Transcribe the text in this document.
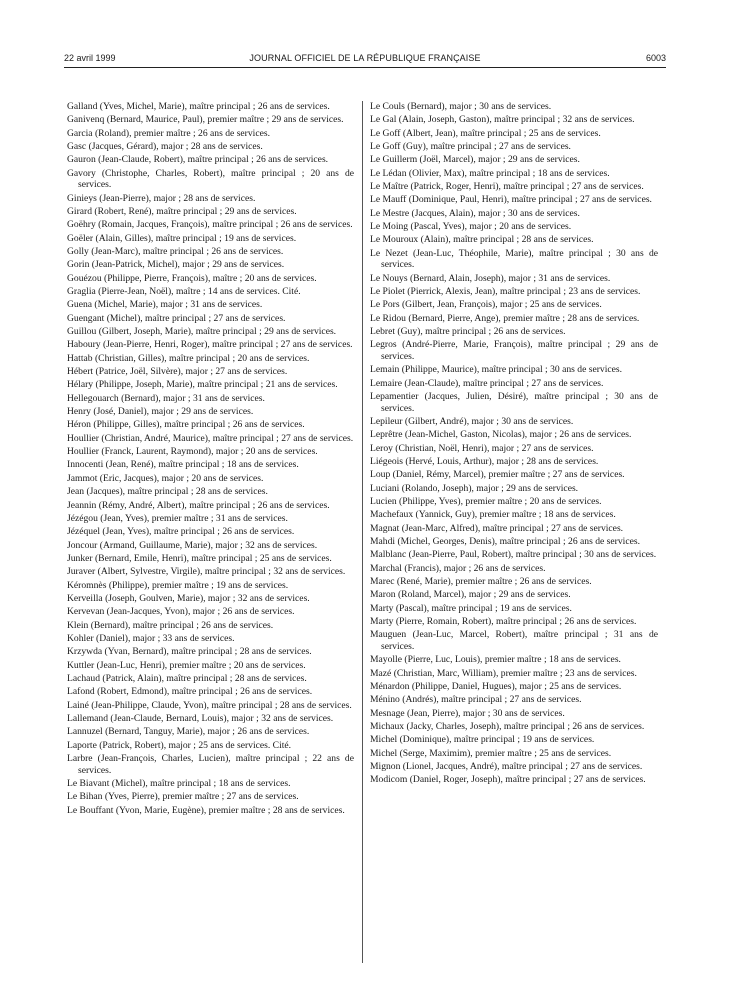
22 avril 1999	JOURNAL OFFICIEL DE LA RÉPUBLIQUE FRANÇAISE	6003

Galland (Yves, Michel, Marie), maître principal ; 26 ans de services.

Ganivenq (Bernard, Maurice, Paul), premier maître ; 29 ans de services.

Garcia (Roland), premier maître ; 26 ans de services.

Gasc (Jacques, Gérard), major ; 28 ans de services.

Gauron (Jean-Claude, Robert), maître principal ; 26 ans de services.

Gavory (Christophe, Charles, Robert), maître principal ; 20 ans de services.

Ginieys (Jean-Pierre), major ; 28 ans de services.

Girard (Robert, René), maître principal ; 29 ans de services.

Goëhry (Romain, Jacques, François), maître principal ; 26 ans de services.

Goëler (Alain, Gilles), maître principal ; 19 ans de services.

Golly (Jean-Marc), maître principal ; 26 ans de services.

Gorin (Jean-Patrick, Michel), major ; 29 ans de services.

Gouézou (Philippe, Pierre, François), maître ; 20 ans de services.

Graglia (Pierre-Jean, Noël), maître ; 14 ans de services. Cité.

Guena (Michel, Marie), major ; 31 ans de services.

Guengant (Michel), maître principal ; 27 ans de services.

Guillou (Gilbert, Joseph, Marie), maître principal ; 29 ans de services.

Haboury (Jean-Pierre, Henri, Roger), maître principal ; 27 ans de services.

Hattab (Christian, Gilles), maître principal ; 20 ans de services.

Hébert (Patrice, Joël, Silvère), major ; 27 ans de services.

Hélary (Philippe, Joseph, Marie), maître principal ; 21 ans de services.

Hellegouarch (Bernard), major ; 31 ans de services.

Henry (José, Daniel), major ; 29 ans de services.

Héron (Philippe, Gilles), maître principal ; 26 ans de services.

Houllier (Christian, André, Maurice), maître principal ; 27 ans de services.

Houllier (Franck, Laurent, Raymond), major ; 20 ans de services.

Innocenti (Jean, René), maître principal ; 18 ans de services.

Jammot (Eric, Jacques), major ; 20 ans de services.

Jean (Jacques), maître principal ; 28 ans de services.

Jeannin (Rémy, André, Albert), maître principal ; 26 ans de services.

Jézégou (Jean, Yves), premier maître ; 31 ans de services.

Jézéquel (Jean, Yves), maître principal ; 26 ans de services.

Joncour (Armand, Guillaume, Marie), major ; 32 ans de services.

Junker (Bernard, Emile, Henri), maître principal ; 25 ans de services.

Juraver (Albert, Sylvestre, Virgile), maître principal ; 32 ans de services.

Kéromnès (Philippe), premier maître ; 19 ans de services.

Kerveilla (Joseph, Goulven, Marie), major ; 32 ans de services.

Kervevan (Jean-Jacques, Yvon), major ; 26 ans de services.

Klein (Bernard), maître principal ; 26 ans de services.

Kohler (Daniel), major ; 33 ans de services.

Krzywda (Yvan, Bernard), maître principal ; 28 ans de services.

Kuttler (Jean-Luc, Henri), premier maître ; 20 ans de services.

Lachaud (Patrick, Alain), maître principal ; 28 ans de services.

Lafond (Robert, Edmond), maître principal ; 26 ans de services.

Lainé (Jean-Philippe, Claude, Yvon), maître principal ; 28 ans de services.

Lallemand (Jean-Claude, Bernard, Louis), major ; 32 ans de services.

Lannuzel (Bernard, Tanguy, Marie), major ; 26 ans de services.

Laporte (Patrick, Robert), major ; 25 ans de services. Cité.

Larbre (Jean-François, Charles, Lucien), maître principal ; 22 ans de services.

Le Biavant (Michel), maître principal ; 18 ans de services.

Le Bihan (Yves, Pierre), premier maître ; 27 ans de services.

Le Bouffant (Yvon, Marie, Eugène), premier maître ; 28 ans de services.

Le Couls (Bernard), major ; 30 ans de services.

Le Gal (Alain, Joseph, Gaston), maître principal ; 32 ans de services.

Le Goff (Albert, Jean), maître principal ; 25 ans de services.

Le Goff (Guy), maître principal ; 27 ans de services.

Le Guillerm (Joël, Marcel), major ; 29 ans de services.

Le Lédan (Olivier, Max), maître principal ; 18 ans de services.

Le Maître (Patrick, Roger, Henri), maître principal ; 27 ans de services.

Le Mauff (Dominique, Paul, Henri), maître principal ; 27 ans de services.

Le Mestre (Jacques, Alain), major ; 30 ans de services.

Le Moing (Pascal, Yves), major ; 20 ans de services.

Le Mouroux (Alain), maître principal ; 28 ans de services.

Le Nezet (Jean-Luc, Théophile, Marie), maître principal ; 30 ans de services.

Le Nouys (Bernard, Alain, Joseph), major ; 31 ans de services.

Le Piolet (Pierrick, Alexis, Jean), maître principal ; 23 ans de services.

Le Pors (Gilbert, Jean, François), major ; 25 ans de services.

Le Ridou (Bernard, Pierre, Ange), premier maître ; 28 ans de services.

Lebret (Guy), maître principal ; 26 ans de services.

Legros (André-Pierre, Marie, François), maître principal ; 29 ans de services.

Lemain (Philippe, Maurice), maître principal ; 30 ans de services.

Lemaire (Jean-Claude), maître principal ; 27 ans de services.

Lepamentier (Jacques, Julien, Désiré), maître principal ; 30 ans de services.

Lepileur (Gilbert, André), major ; 30 ans de services.

Leprêtre (Jean-Michel, Gaston, Nicolas), major ; 26 ans de services.

Leroy (Christian, Noël, Henri), major ; 27 ans de services.

Liégeois (Hervé, Louis, Arthur), major ; 28 ans de services.

Loup (Daniel, Rémy, Marcel), premier maître ; 27 ans de services.

Luciani (Rolando, Joseph), major ; 29 ans de services.

Lucien (Philippe, Yves), premier maître ; 20 ans de services.

Machefaux (Yannick, Guy), premier maître ; 18 ans de services.

Magnat (Jean-Marc, Alfred), maître principal ; 27 ans de services.

Mahdi (Michel, Georges, Denis), maître principal ; 26 ans de services.

Malblanc (Jean-Pierre, Paul, Robert), maître principal ; 30 ans de services.

Marchal (Francis), major ; 26 ans de services.

Marec (René, Marie), premier maître ; 26 ans de services.

Maron (Roland, Marcel), major ; 29 ans de services.

Marty (Pascal), maître principal ; 19 ans de services.

Marty (Pierre, Romain, Robert), maître principal ; 26 ans de services.

Mauguen (Jean-Luc, Marcel, Robert), maître principal ; 31 ans de services.

Mayolle (Pierre, Luc, Louis), premier maître ; 18 ans de services.

Mazé (Christian, Marc, William), premier maître ; 23 ans de services.

Ménardon (Philippe, Daniel, Hugues), major ; 25 ans de services.

Ménino (Andrés), maître principal ; 27 ans de services.

Mesnage (Jean, Pierre), major ; 30 ans de services.

Michaux (Jacky, Charles, Joseph), maître principal ; 26 ans de services.

Michel (Dominique), maître principal ; 19 ans de services.

Michel (Serge, Maximim), premier maître ; 25 ans de services.

Mignon (Lionel, Jacques, André), maître principal ; 27 ans de services.

Modicom (Daniel, Roger, Joseph), maître principal ; 27 ans de services.
